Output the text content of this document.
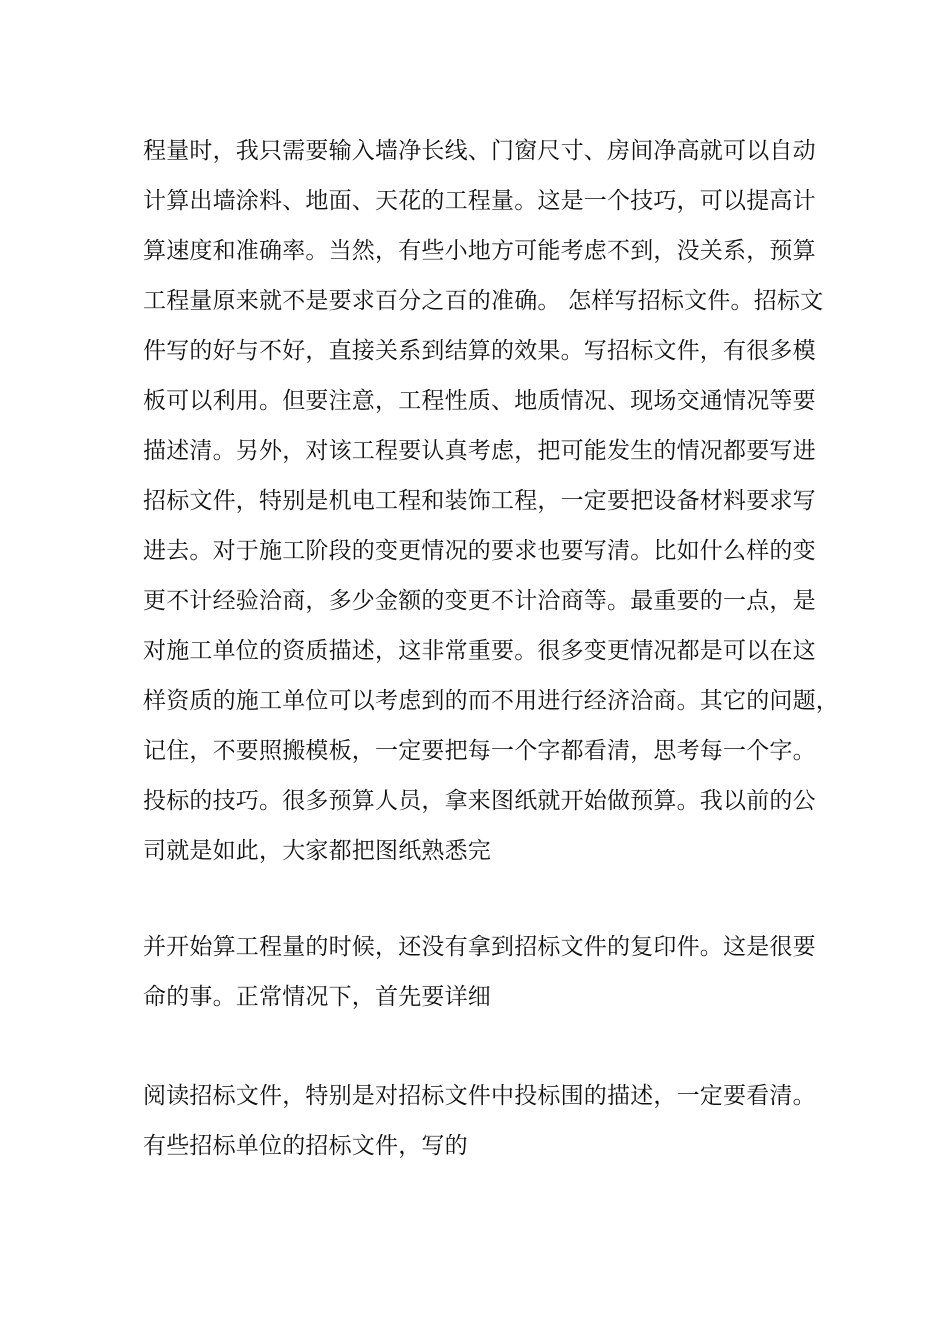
程量时，我只需要输入墙净长线、门窗尺寸、房间净高就可以自动
计算出墙涂料、地面、天花的工程量。这是一个技巧，可以提高计
算速度和准确率。当然，有些小地方可能考虑不到，没关系，预算
工程量原来就不是要求百分之百的准确。 怎样写招标文件。招标文
件写的好与不好，直接关系到结算的效果。写招标文件，有很多模
板可以利用。但要注意，工程性质、地质情况、现场交通情况等要
描述清。另外，对该工程要认真考虑，把可能发生的情况都要写进
招标文件，特别是机电工程和装饰工程，一定要把设备材料要求写
进去。对于施工阶段的变更情况的要求也要写清。比如什么样的变
更不计经验洽商，多少金额的变更不计洽商等。最重要的一点，是
对施工单位的资质描述，这非常重要。很多变更情况都是可以在这
样资质的施工单位可以考虑到的而不用进行经济洽商。其它的问题，
记住，不要照搬模板，一定要把每一个字都看清，思考每一个字。
投标的技巧。很多预算人员，拿来图纸就开始做预算。我以前的公
司就是如此，大家都把图纸熟悉完
并开始算工程量的时候，还没有拿到招标文件的复印件。这是很要
命的事。正常情况下，首先要详细
阅读招标文件，特别是对招标文件中投标围的描述，一定要看清。
有些招标单位的招标文件，写的
